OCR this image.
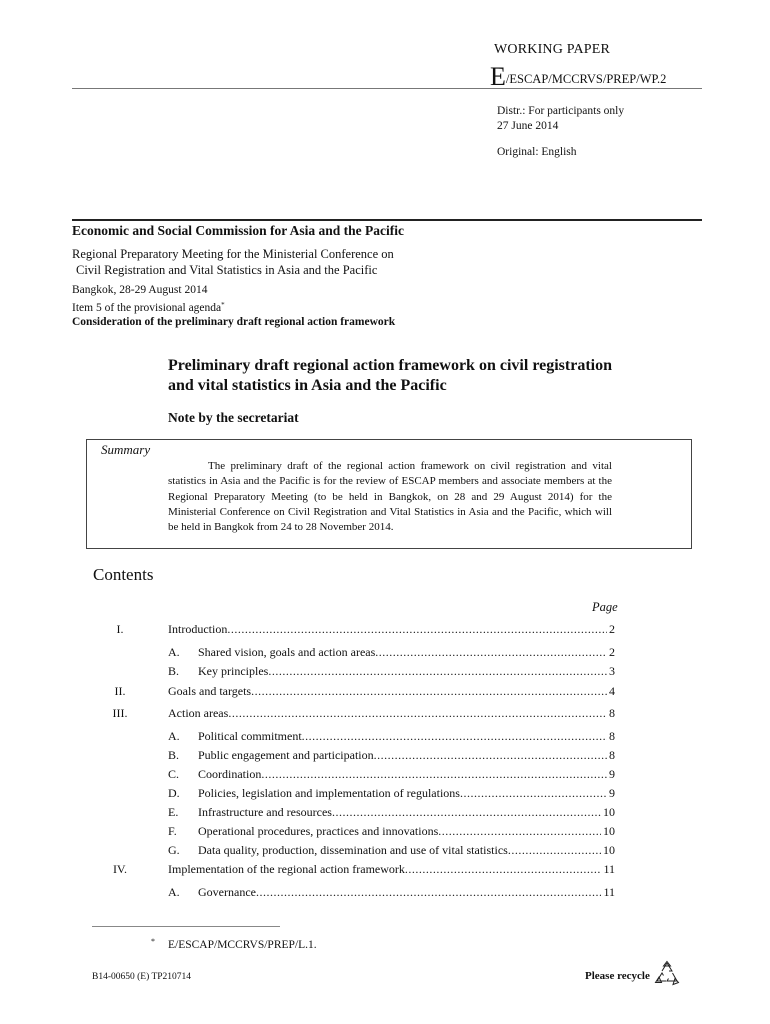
WORKING PAPER
E/ESCAP/MCCRVS/PREP/WP.2
Distr.: For participants only
27 June 2014
Original: English
Economic and Social Commission for Asia and the Pacific
Regional Preparatory Meeting for the Ministerial Conference on
Civil Registration and Vital Statistics in Asia and the Pacific
Bangkok, 28-29 August 2014
Item 5 of the provisional agenda*
Consideration of the preliminary draft regional action framework
Preliminary draft regional action framework on civil registration and vital statistics in Asia and the Pacific
Note by the secretariat
Summary
The preliminary draft of the regional action framework on civil registration and vital statistics in Asia and the Pacific is for the review of ESCAP members and associate members at the Regional Preparatory Meeting (to be held in Bangkok, on 28 and 29 August 2014) for the Ministerial Conference on Civil Registration and Vital Statistics in Asia and the Pacific, which will be held in Bangkok from 24 to 28 November 2014.
Contents
Page
I.	Introduction .....	2
A.	Shared vision, goals and action areas .....	2
B.	Key principles .....	3
II.	Goals and targets .....	4
III.	Action areas .....	8
A.	Political commitment .....	8
B.	Public engagement and participation .....	8
C.	Coordination .....	9
D.	Policies, legislation and implementation of regulations .....	9
E.	Infrastructure and resources .....	10
F.	Operational procedures, practices and innovations .....	10
G.	Data quality, production, dissemination and use of vital statistics .....	10
IV.	Implementation of the regional action framework .....	11
A.	Governance .....	11
* E/ESCAP/MCCRVS/PREP/L.1.
B14-00650 (E) TP210714	Please recycle
